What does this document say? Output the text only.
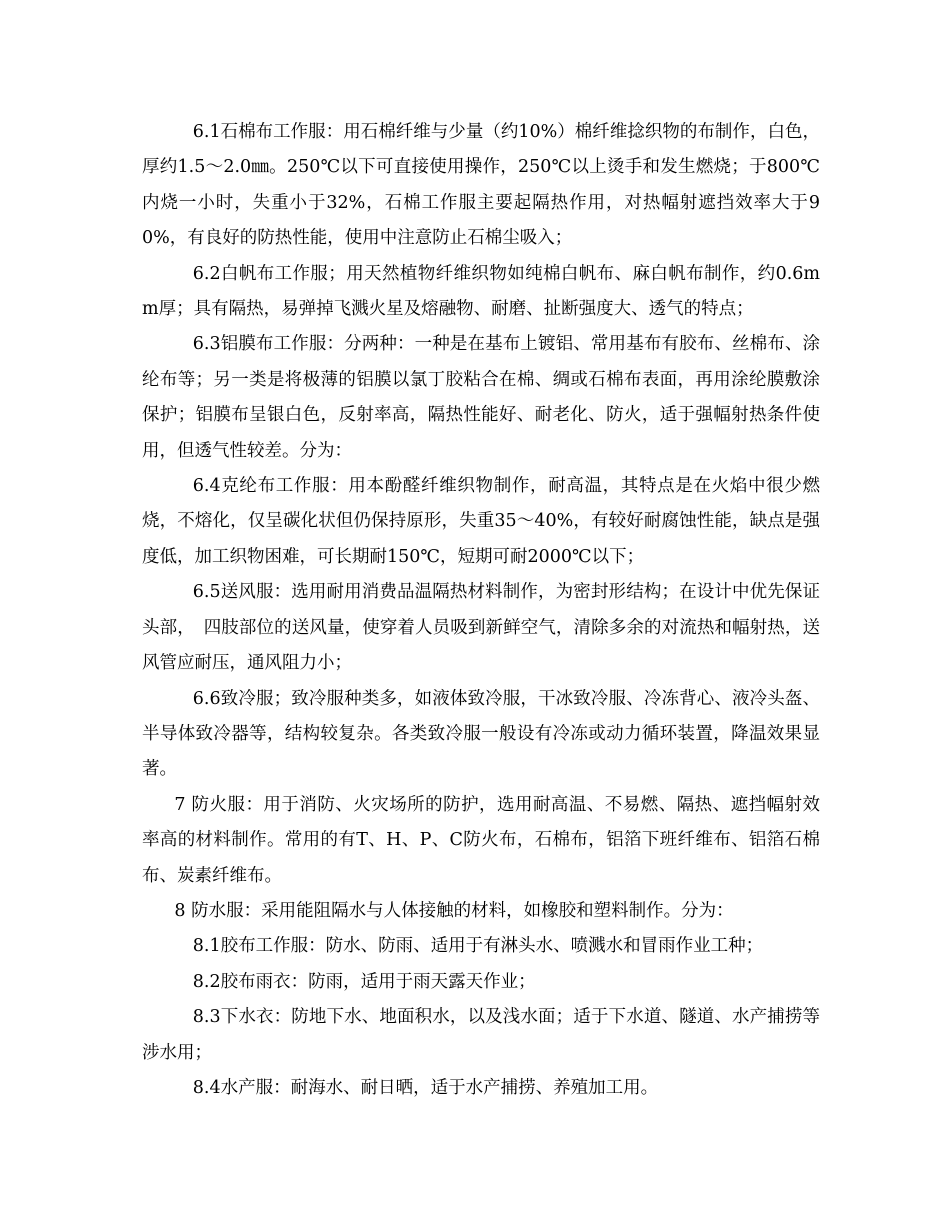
6.1石棉布工作服：用石棉纤维与少量（约10%）棉纤维捻织物的布制作，白色，厚约1.5～2.0㎜。250℃以下可直接使用操作，250℃以上烫手和发生燃烧；于800℃内烧一小时，失重小于32%，石棉工作服主要起隔热作用，对热幅射遮挡效率大于90%，有良好的防热性能，使用中注意防止石棉尘吸入；

6.2白帆布工作服；用天然植物纤维织物如纯棉白帆布、麻白帆布制作，约0.6mm厚；具有隔热，易弹掉飞溅火星及熔融物、耐磨、扯断强度大、透气的特点；

6.3铝膜布工作服：分两种：一种是在基布上镀铝、常用基布有胶布、丝棉布、涂纶布等；另一类是将极薄的铝膜以氯丁胶粘合在棉、绸或石棉布表面，再用涂纶膜敷涂保护；铝膜布呈银白色，反射率高，隔热性能好、耐老化、防火，适于强幅射热条件使用，但透气性较差。分为：

6.4克纶布工作服：用本酚醛纤维织物制作，耐高温，其特点是在火焰中很少燃烧，不熔化，仅呈碳化状但仍保持原形，失重35～40%，有较好耐腐蚀性能，缺点是强度低，加工织物困难，可长期耐150℃，短期可耐2000℃以下；

6.5送风服：选用耐用消费品温隔热材料制作，为密封形结构；在设计中优先保证头部，　四肢部位的送风量，使穿着人员吸到新鲜空气，清除多余的对流热和幅射热，送风管应耐压，通风阻力小；

6.6致冷服；致冷服种类多，如液体致冷服，干冰致冷服、冷冻背心、液冷头盔、半导体致冷器等，结构较复杂。各类致冷服一般设有冷冻或动力循环装置，降温效果显著。

7 防火服：用于消防、火灾场所的防护，选用耐高温、不易燃、隔热、遮挡幅射效率高的材料制作。常用的有T、H、P、C防火布，石棉布，铝箔下班纤维布、铝箔石棉布、炭素纤维布。

8 防水服：采用能阻隔水与人体接触的材料，如橡胶和塑料制作。分为：

8.1胶布工作服：防水、防雨、适用于有淋头水、喷溅水和冒雨作业工种；

8.2胶布雨衣：防雨，适用于雨天露天作业；

8.3下水衣：防地下水、地面积水，以及浅水面；适于下水道、隧道、水产捕捞等涉水用；

8.4水产服：耐海水、耐日晒，适于水产捕捞、养殖加工用。
